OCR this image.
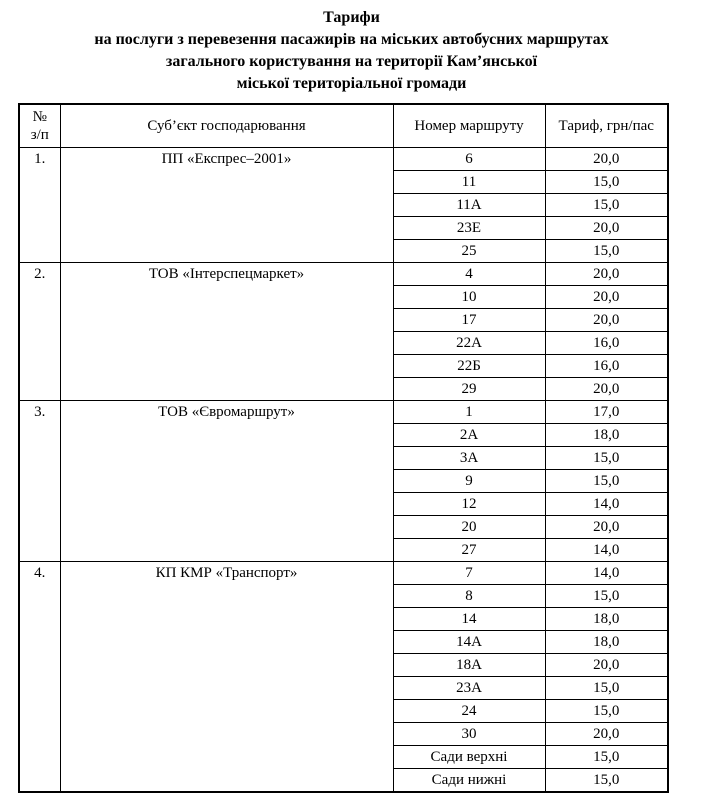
Тарифи
на послуги з перевезення пасажирів на міських автобусних маршрутах
загального користування на території Кам’янської
міської територіальної громади
№
з/п	Суб’єкт господарювання	Номер маршруту	Тариф, грн/пас
1.	ПП «Експрес–2001»	6	20,0
		11	15,0
		11А	15,0
		23Е	20,0
		25	15,0
2.	ТОВ «Інтерспецмаркет»	4	20,0
		10	20,0
		17	20,0
		22А	16,0
		22Б	16,0
		29	20,0
3.	ТОВ «Євромаршрут»	1	17,0
		2А	18,0
		3А	15,0
		9	15,0
		12	14,0
		20	20,0
		27	14,0
4.	КП КМР «Транспорт»	7	14,0
		8	15,0
		14	18,0
		14А	18,0
		18А	20,0
		23А	15,0
		24	15,0
		30	20,0
		Сади верхні	15,0
		Сади нижні	15,0
